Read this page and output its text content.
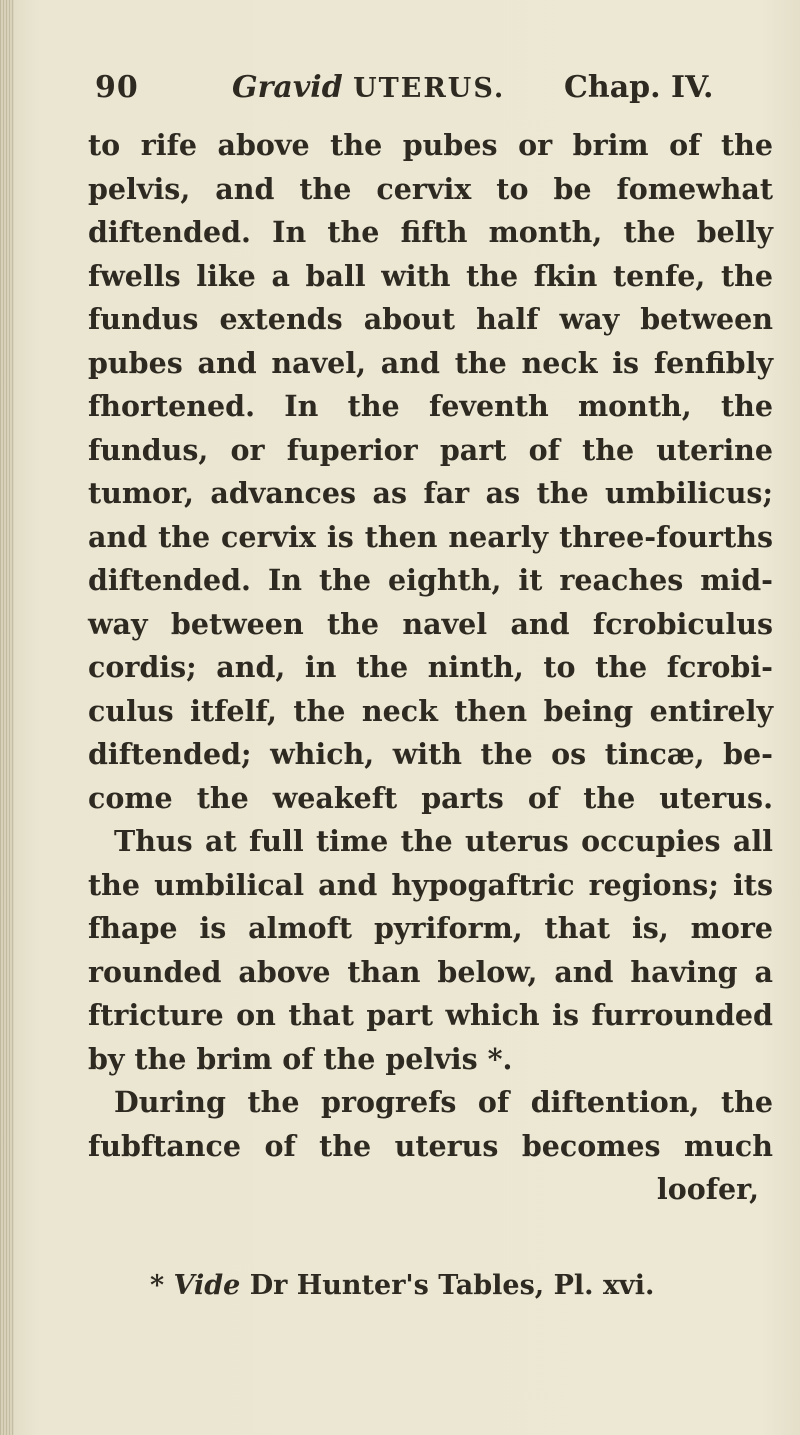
90	Gravid UTERUS. Chap. IV.
to rife above the pubes or brim of the
pelvis, and the cervix to be fomewhat
diftended. In the fifth month, the belly
fwells like a ball with the fkin tenfe, the
fundus extends about half way between
pubes and navel, and the neck is fenfibly
fhortened. In the feventh month, the
fundus, or fuperior part of the uterine
tumor, advances as far as the umbilicus;
and the cervix is then nearly three-fourths
diftended. In the eighth, it reaches mid-
way between the navel and fcrobiculus
cordis; and, in the ninth, to the fcrobi-
culus itfelf, the neck then being entirely
diftended; which, with the os tincæ, be-
come the weakeft parts of the uterus.
Thus at full time the uterus occupies all
the umbilical and hypogaftric regions; its
fhape is almoft pyriform, that is, more
rounded above than below, and having a
ftricture on that part which is furrounded
by the brim of the pelvis *.
During the progrefs of diftention, the
fubftance of the uterus becomes much
loofer,
* Vide Dr Hunter's Tables, Pl. xvi.
